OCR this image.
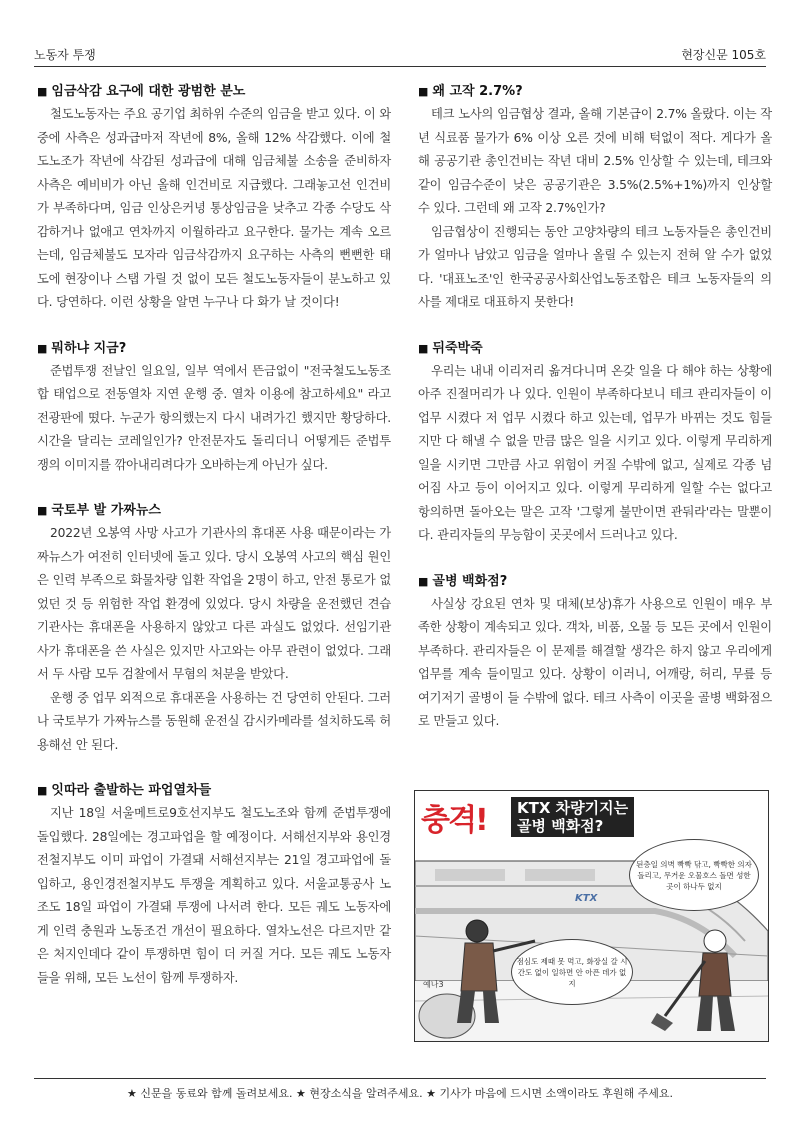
노동자 투쟁	현장신문 105호
■ 임금삭감 요구에 대한 광범한 분노

철도노동자는 주요 공기업 최하위 수준의 임금을 받고 있다. 이 와중에 사측은 성과급마저 작년에 8%, 올해 12% 삭감했다. 이에 철도노조가 작년에 삭감된 성과급에 대해 임금체불 소송을 준비하자 사측은 예비비가 아닌 올해 인건비로 지급했다. 그래놓고선 인건비가 부족하다며, 임금 인상은커녕 통상임금을 낮추고 각종 수당도 삭감하거나 없애고 연차까지 이월하라고 요구한다. 물가는 계속 오르는데, 임금체불도 모자라 임금삭감까지 요구하는 사측의 뻔뻔한 태도에 현장이나 스탭 가릴 것 없이 모든 철도노동자들이 분노하고 있다. 당연하다. 이런 상황을 알면 누구나 다 화가 날 것이다!

■ 뭐하냐 지금?

준법투쟁 전날인 일요일, 일부 역에서 뜬금없이 "전국철도노동조합 태업으로 전동열차 지연 운행 중. 열차 이용에 참고하세요" 라고 전광판에 떴다. 누군가 항의했는지 다시 내려가긴 했지만 황당하다. 시간을 달리는 코레일인가? 안전문자도 돌리더니 어떻게든 준법투쟁의 이미지를 깎아내리려다가 오바하는게 아닌가 싶다.

■ 국토부 발 가짜뉴스

2022년 오봉역 사망 사고가 기관사의 휴대폰 사용 때문이라는 가짜뉴스가 여전히 인터넷에 돌고 있다. 당시 오봉역 사고의 핵심 원인은 인력 부족으로 화물차량 입환 작업을 2명이 하고, 안전 통로가 없었던 것 등 위험한 작업 환경에 있었다. 당시 차량을 운전했던 견습기관사는 휴대폰을 사용하지 않았고 다른 과실도 없었다. 선임기관사가 휴대폰을 쓴 사실은 있지만 사고와는 아무 관련이 없었다. 그래서 두 사람 모두 검찰에서 무혐의 처분을 받았다.

운행 중 업무 외적으로 휴대폰을 사용하는 건 당연히 안된다. 그러나 국토부가 가짜뉴스를 동원해 운전실 감시카메라를 설치하도록 허용해선 안 된다.

■ 잇따라 출발하는 파업열차들

지난 18일 서울메트로9호선지부도 철도노조와 함께 준법투쟁에 돌입했다. 28일에는 경고파업을 할 예정이다. 서해선지부와 용인경전철지부도 이미 파업이 가결돼 서해선지부는 21일 경고파업에 돌입하고, 용인경전철지부도 투쟁을 계획하고 있다. 서울교통공사 노조도 18일 파업이 가결돼 투쟁에 나서려 한다. 모든 궤도 노동자에게 인력 충원과 노동조건 개선이 필요하다. 열차노선은 다르지만 같은 처지인데다 같이 투쟁하면 힘이 더 커질 거다. 모든 궤도 노동자들을 위해, 모든 노선이 함께 투쟁하자.

■ 왜 고작 2.7%?

테크 노사의 임금협상 결과, 올해 기본급이 2.7% 올랐다. 이는 작년 식료품 물가가 6% 이상 오른 것에 비해 턱없이 적다. 게다가 올해 공공기관 총인건비는 작년 대비 2.5% 인상할 수 있는데, 테크와 같이 임금수준이 낮은 공공기관은 3.5%(2.5%+1%)까지 인상할 수 있다. 그런데 왜 고작 2.7%인가?

임금협상이 진행되는 동안 고양차량의 테크 노동자들은 총인건비가 얼마나 남았고 임금을 얼마나 올릴 수 있는지 전혀 알 수가 없었다. '대표노조'인 한국공공사회산업노동조합은 테크 노동자들의 의사를 제대로 대표하지 못한다!

■ 뒤죽박죽

우리는 내내 이리저리 옮겨다니며 온갖 일을 다 해야 하는 상황에 아주 진절머리가 나 있다. 인원이 부족하다보니 테크 관리자들이 이 업무 시켰다 저 업무 시켰다 하고 있는데, 업무가 바뀌는 것도 힘들지만 다 해낼 수 없을 만큼 많은 일을 시키고 있다. 이렇게 무리하게 일을 시키면 그만큼 사고 위험이 커질 수밖에 없고, 실제로 각종 넘어짐 사고 등이 이어지고 있다. 이렇게 무리하게 일할 수는 없다고 항의하면 돌아오는 말은 고작 '그렇게 불만이면 관둬라'라는 말뿐이다. 관리자들의 무능함이 곳곳에서 드러나고 있다.

■ 골병 백화점?

사실상 강요된 연차 및 대체(보상)휴가 사용으로 인원이 매우 부족한 상황이 계속되고 있다. 객차, 비품, 오물 등 모든 곳에서 인원이 부족하다. 관리자들은 이 문제를 해결할 생각은 하지 않고 우리에게 업무를 계속 들이밀고 있다. 상황이 이러니, 어깨랑, 허리, 무릎 등 여기저기 골병이 들 수밖에 없다. 테크 사측이 이곳을 골병 백화점으로 만들고 있다.

충격! KTX 차량기지는
골병 백화점?
된층일 의벽 빡빡 닦고, 빡빡한 의자 돌리고, 무거운 오물호스 돌면 성한 곳이 하나두 없지
점심도 제때 못 먹고, 화장실 갈 시간도 없이 일하면 안 아픈 데가 없지
KTX
예나3
★ 신문을 동료와 함께 돌려보세요. ★ 현장소식을 알려주세요. ★ 기사가 마음에 드시면 소액이라도 후원해 주세요.
